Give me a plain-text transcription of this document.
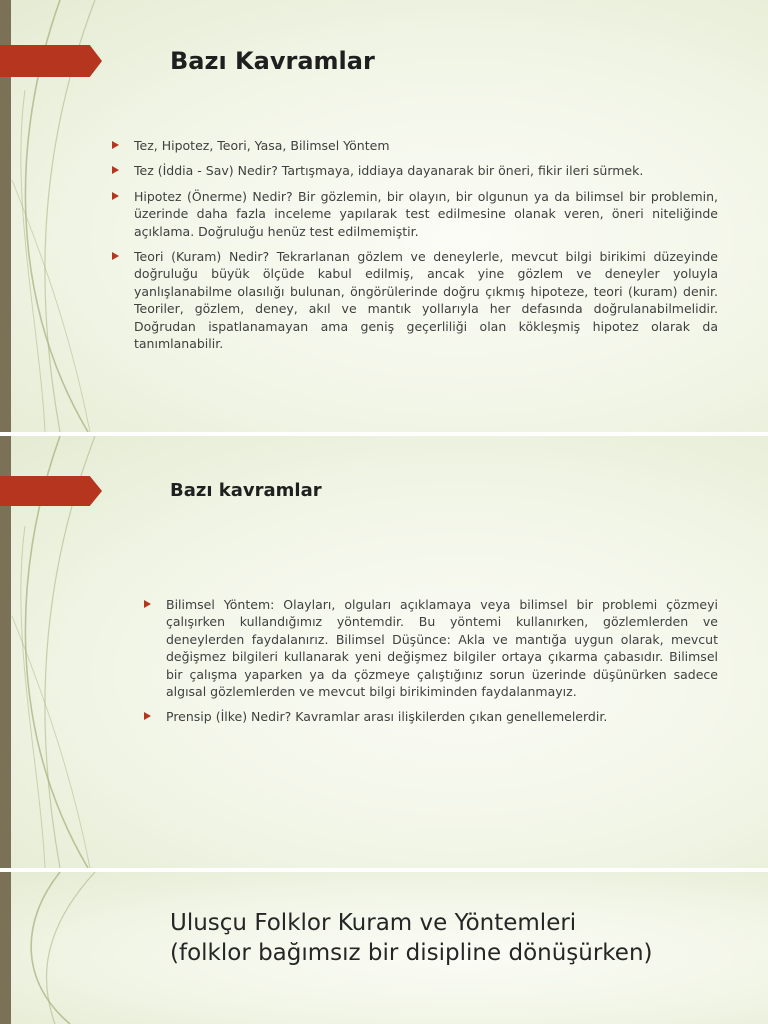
Bazı Kavramlar
Tez, Hipotez, Teori, Yasa, Bilimsel Yöntem
Tez (İddia - Sav) Nedir? Tartışmaya, iddiaya dayanarak bir öneri, fikir ileri sürmek.
Hipotez (Önerme) Nedir? Bir gözlemin, bir olayın, bir olgunun ya da bilimsel bir problemin, üzerinde daha fazla inceleme yapılarak test edilmesine olanak veren, öneri niteliğinde açıklama. Doğruluğu henüz test edilmemiştir.
Teori (Kuram) Nedir? Tekrarlanan gözlem ve deneylerle, mevcut bilgi birikimi düzeyinde doğruluğu büyük ölçüde kabul edilmiş, ancak yine gözlem ve deneyler yoluyla yanlışlanabilme olasılığı bulunan, öngörülerinde doğru çıkmış hipoteze, teori (kuram) denir. Teoriler, gözlem, deney, akıl ve mantık yollarıyla her defasında doğrulanabilmelidir. Doğrudan ispatlanamayan ama geniş geçerliliği olan kökleşmiş hipotez olarak da tanımlanabilir.
Bazı kavramlar
Bilimsel Yöntem: Olayları, olguları açıklamaya veya bilimsel bir problemi çözmeyi çalışırken kullandığımız yöntemdir. Bu yöntemi kullanırken, gözlemlerden ve deneylerden faydalanırız. Bilimsel Düşünce: Akla ve mantığa uygun olarak, mevcut değişmez bilgileri kullanarak yeni değişmez bilgiler ortaya çıkarma çabasıdır. Bilimsel bir çalışma yaparken ya da çözmeye çalıştığınız sorun üzerinde düşünürken sadece algısal gözlemlerden ve mevcut bilgi birikiminden faydalanmayız.
Prensip (İlke) Nedir? Kavramlar arası ilişkilerden çıkan genellemelerdir.
Ulusçu Folklor Kuram ve Yöntemleri
(folklor bağımsız bir disipline dönüşürken)
